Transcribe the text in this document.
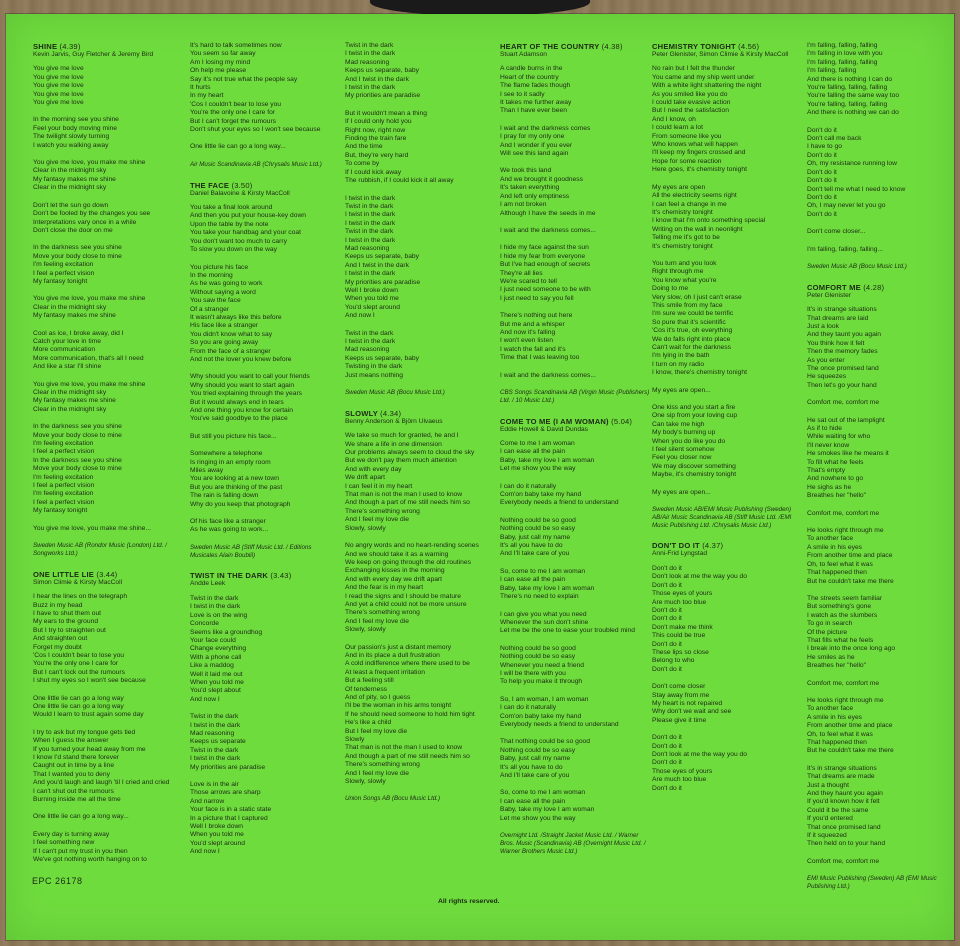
SHINE (4.39)
Kevin Jarvis, Guy Fletcher & Jeremy Bird
You give me love
You give me love
You give me love
You give me love
You give me love
In the morning see you shine
Feel your body moving mine
The twilight slowly turning
I watch you walking away
You give me love, you make me shine
Clear in the midnight sky
My fantasy makes me shine
Clear in the midnight sky
Don't let the sun go down
Don't be fooled by the changes you see
Interpretations vary once in a while
Don't close the door on me
In the darkness see you shine
Move your body close to mine
I'm feeling excitation
I feel a perfect vision
My fantasy tonight
You give me love, you make me shine
Clear in the midnight sky
My fantasy makes me shine
Cool as ice, I broke away, did I
Catch your love in time
More communication
More communication, that's all I need
And like a star I'll shine
You give me love, you make me shine
Clear in the midnight sky
My fantasy makes me shine
Clear in the midnight sky
In the darkness see you shine
Move your body close to mine
I'm feeling excitation
I feel a perfect vision
In the darkness see you shine
Move your body close to mine
I'm feeling excitation
I feel a perfect vision
I'm feeling excitation
I feel a perfect vision
My fantasy tonight
You give me love, you make me shine...
Sweden Music AB (Rondor Music (London) Ltd. / Songworks Ltd.)
ONE LITTLE LIE (3.44)
Simon Climie & Kirsty MacColl
I hear the lines on the telegraph
Buzz in my head
I have to shut them out
My ears to the ground
But I try to straighten out
And straighten out
Forget my doubt
'Cos I couldn't bear to lose you
You're the only one I care for
But I can't lock out the rumours
I shut my eyes so I won't see because
One little lie can go a long way
One little lie can go a long way
Would I learn to trust again some day
I try to ask but my tongue gets tied
When I guess the answer
If you turned your head away from me
I know I'd stand there forever
Caught out in time by a line
That I wanted you to deny
And you'd laugh and laugh 'til I cried and cried
I can't shut out the rumours
Burning inside me all the time
One little lie can go a long way...
Every day is turning away
I feel something new
If I can't put my trust in you then
We've got nothing worth hanging on to
It's hard to talk sometimes now
You seem so far away
Am I losing my mind
Oh help me please
Say it's not true what the people say
It hurts
In my heart
'Cos I couldn't bear to lose you
You're the only one I care for
But I can't forget the rumours
Don't shut your eyes so I won't see because
One little lie can go a long way...
Air Music Scandinavia AB (Chrysalis Music Ltd.)
THE FACE (3.50)
Daniel Balavoine & Kirsty MacColl
You take a final look around
And then you put your house-key down
Upon the table by the note
You take your handbag and your coat
You don't want too much to carry
To slow you down on the way
You picture his face
In the morning
As he was going to work
Without saying a word
You saw the face
Of a stranger
It wasn't always like this before
His face like a stranger
You didn't know what to say
So you are going away
From the face of a stranger
And not the lover you knew before
Why should you want to call your friends
Why should you want to start again
You tried explaining through the years
But it would always end in tears
And one thing you know for certain
You've said goodbye to the place
But still you picture his face...
Somewhere a telephone
Is ringing in an empty room
Miles away
You are looking at a new town
But you are thinking of the past
The rain is falling down
Why do you keep that photograph
Of his face like a stranger
As he was going to work...
Sweden Music AB (Stiff Music Ltd. / Editions Musicales Alain Boublil)
TWIST IN THE DARK (3.43)
Andde Leek
Twist in the dark
I twist in the dark
Love is on the wing
Concorde
Seems like a groundhog
Your face could
Change everything
With a phone call
Like a maddog
Well it laid me out
When you told me
You'd slept about
And now I
Twist in the dark
I twist in the dark
Mad reasoning
Keeps us separate
Twist in the dark
I twist in the dark
My priorities are paradise
Love is in the air
Those arrows are sharp
And narrow
Your face is in a static state
In a picture that I captured
Well I broke down
When you told me
You'd slept around
And now I
Twist in the dark
I twist in the dark
Mad reasoning
Keeps us separate, baby
And I twist in the dark
I twist in the dark
My priorities are paradise
But it wouldn't mean a thing
If I could only hold you
Right now, right now
Finding the train fare
And the time
But, they're very hard
To come by
If I could kick away
The rubbish, if I could kick it all away
I twist in the dark
Twist in the dark
I twist in the dark
I twist in the dark
Twist in the dark
I twist in the dark
Mad reasoning
Keeps us separate, baby
And I twist in the dark
I twist in the dark
My priorities are paradise
Well I broke down
When you told me
You'd slept around
And now I
Twist in the dark
I twist in the dark
Mad reasoning
Keeps us separate, baby
Twisting in the dark
Just means nothing
Sweden Music AB (Bocu Music Ltd.)
SLOWLY (4.34)
Benny Anderson & Björn Ulvaeus
We take so much for granted, he and I
We share a life in one dimension
Our problems always seem to cloud the sky
But we don't pay them much attention
And with every day
We drift apart
I can feel it in my heart
That man is not the man I used to know
And though a part of me still needs him so
There's something wrong
And I feel my love die
Slowly, slowly
No angry words and no heart-rending scenes
And we should take it as a warning
We keep on going through the old routines
Exchanging kisses in the morning
And with every day we drift apart
And the fear is in my heart
I read the signs and I should be mature
And yet a child could not be more unsure
There's something wrong
And I feel my love die
Slowly, slowly
Our passion's just a distant memory
And in its place a dull frustration
A cold indifference where there used to be
At least a frequent irritation
But a feeling still
Of tenderness
And of pity, so I guess
I'll be the woman in his arms tonight
If he should need someone to hold him tight
He's like a child
But I feel my love die
Slowly
That man is not the man I used to know
And though a part of me still needs him so
There's something wrong
And I feel my love die
Slowly, slowly
Union Songs AB (Bocu Music Ltd.)
HEART OF THE COUNTRY (4.38)
Stuart Adamson
A candle burns in the
Heart of the country
The flame fades though
I see to it sadly
It takes me further away
Than I have ever been
I wait and the darkness comes
I pray for my only one
And I wonder if you ever
Will see this land again
We took this land
And we brought it goodness
It's taken everything
And left only emptiness
I am not broken
Although I have the seeds in me
I wait and the darkness comes...
I hide my face against the sun
I hide my fear from everyone
But I've had enough of secrets
They're all lies
We're scared to tell
I just need someone to be with
I just need to say you fell
There's nothing out here
But me and a whisper
And now it's falling
I won't even listen
I watch the fall and it's
Time that I was leaving too
I wait and the darkness comes...
CBS Songs Scandinavia AB (Virgin Music (Publishers) Ltd. / 10 Music Ltd.)
COME TO ME (I AM WOMAN) (5.04)
Eddie Howell & David Dundas
Come to me I am woman
I can ease all the pain
Baby, take my love I am woman
Let me show you the way
I can do it naturally
Com'on baby take my hand
Everybody needs a friend to understand
Nothing could be so good
Nothing could be so easy
Baby, just call my name
It's all you have to do
And I'll take care of you
So, come to me I am woman
I can ease all the pain
Baby, take my love I am woman
There's no need to explain
I can give you what you need
Whenever the sun don't shine
Let me be the one to ease your troubled mind
Nothing could be so good
Nothing could be so easy
Whenever you need a friend
I will be there with you
To help you make it through
So, I am woman, I am woman
I can do it naturally
Com'on baby take my hand
Everybody needs a friend to understand
That nothing could be so good
Nothing could be so easy
Baby, just call my name
It's all you have to do
And I'll take care of you
So, come to me I am woman
I can ease all the pain
Baby, take my love I am woman
Let me show you the way
Overnight Ltd. /Straight Jacket Music Ltd. / Warner Bros. Music (Scandinavia) AB (Overnight Music Ltd. / Warner Brothers Music Ltd.)
CHEMISTRY TONIGHT (4.56)
Peter Glenister, Simon Climie & Kirsty MacColl
No rain but I felt the thunder
You came and my ship went under
With a white light shattering the night
As you smiled like you do
I could take evasive action
But I need the satisfaction
And I know, oh
I could learn a lot
From someone like you
Who knows what will happen
I'll keep my fingers crossed and
Hope for some reaction
Here goes, it's chemistry tonight
My eyes are open
All the electricity seems right
I can feel a change in me
It's chemistry tonight
I know that I'm onto something special
Writing on the wall in neonlight
Telling me it's got to be
It's chemistry tonight
You turn and you look
Right through me
You know what you're
Doing to me
Very slow, oh I just can't erase
This smile from my face
I'm sure we could be terrific
So pure that it's scientific
'Cos it's true, oh everything
We do falls right into place
Can't wait for the darkness
I'm lying in the bath
I turn on my radio
I know, there's chemistry tonight
My eyes are open...
One kiss and you start a fire
One sip from your loving cup
Can take me high
My body's burning up
When you do like you do
I feel silent somehow
Feel you closer now
We may discover something
Maybe, it's chemistry tonight
My eyes are open...
Sweden Music AB/EMI Music Publishing (Sweden) AB/Air Music Scandinavia AB (Stiff Music Ltd. /EMI Music Publishing Ltd. /Chrysalis Music Ltd.)
DON'T DO IT (4.37)
Anni-Frid Lyngstad
Don't do it
Don't look at me the way you do
Don't do it
Those eyes of yours
Are much too blue
Don't do it
Don't do it
Don't make me think
This could be true
Don't do it
These lips so close
Belong to who
Don't do it
Don't come closer
Stay away from me
My heart is not repaired
Why don't we wait and see
Please give it time
Don't do it
Don't do it
Don't look at me the way you do
Don't do it
Those eyes of yours
Are much too blue
Don't do it
I'm falling, falling, falling
I'm falling in love with you
I'm falling, falling, falling
I'm falling, falling
And there is nothing I can do
You're falling, falling, falling
You're falling the same way too
You're falling, falling, falling
And there is nothing we can do
Don't do it
Don't call me back
I have to go
Don't do it
Oh, my resistance running low
Don't do it
Don't do it
Don't tell me what I need to know
Don't do it
Oh, I may never let you go
Don't do it
Don't come closer...
I'm falling, falling, falling...
Sweden Music AB (Bocu Music Ltd.)
COMFORT ME (4.28)
Peter Glenister
It's in strange situations
That dreams are laid
Just a look
And they taunt you again
You think how it felt
Then the memory fades
As you enter
The once promised land
He squeezes
Then let's go your hand
Comfort me, comfort me
He sat out of the lamplight
As if to hide
While waiting for who
I'll never know
He smokes like he means it
To fill what he feels
That's empty
And nowhere to go
He sighs as he
Breathes her "hello"
Comfort me, comfort me
He looks right through me
To another face
A smile in his eyes
From another time and place
Oh, to feel what it was
That happened then
But he couldn't take me there
The streets seem familiar
But something's gone
I watch as the slumbers
To go in search
Of the picture
That fills what he feels
I break into the once long ago
He smiles as he
Breathes her "hello"
Comfort me, comfort me
He looks right through me
To another face
A smile in his eyes
From another time and place
Oh, to feel what it was
That happened then
But he couldn't take me there
It's in strange situations
That dreams are made
Just a thought
And they haunt you again
If you'd known how it felt
Could it be the same
If you'd entered
That once promised land
If it squeezed
Then held on to your hand
Comfort me, comfort me
EMI Music Publishing (Sweden) AB (EMI Music Publishing Ltd.)
EPC 26178
All rights reserved.
